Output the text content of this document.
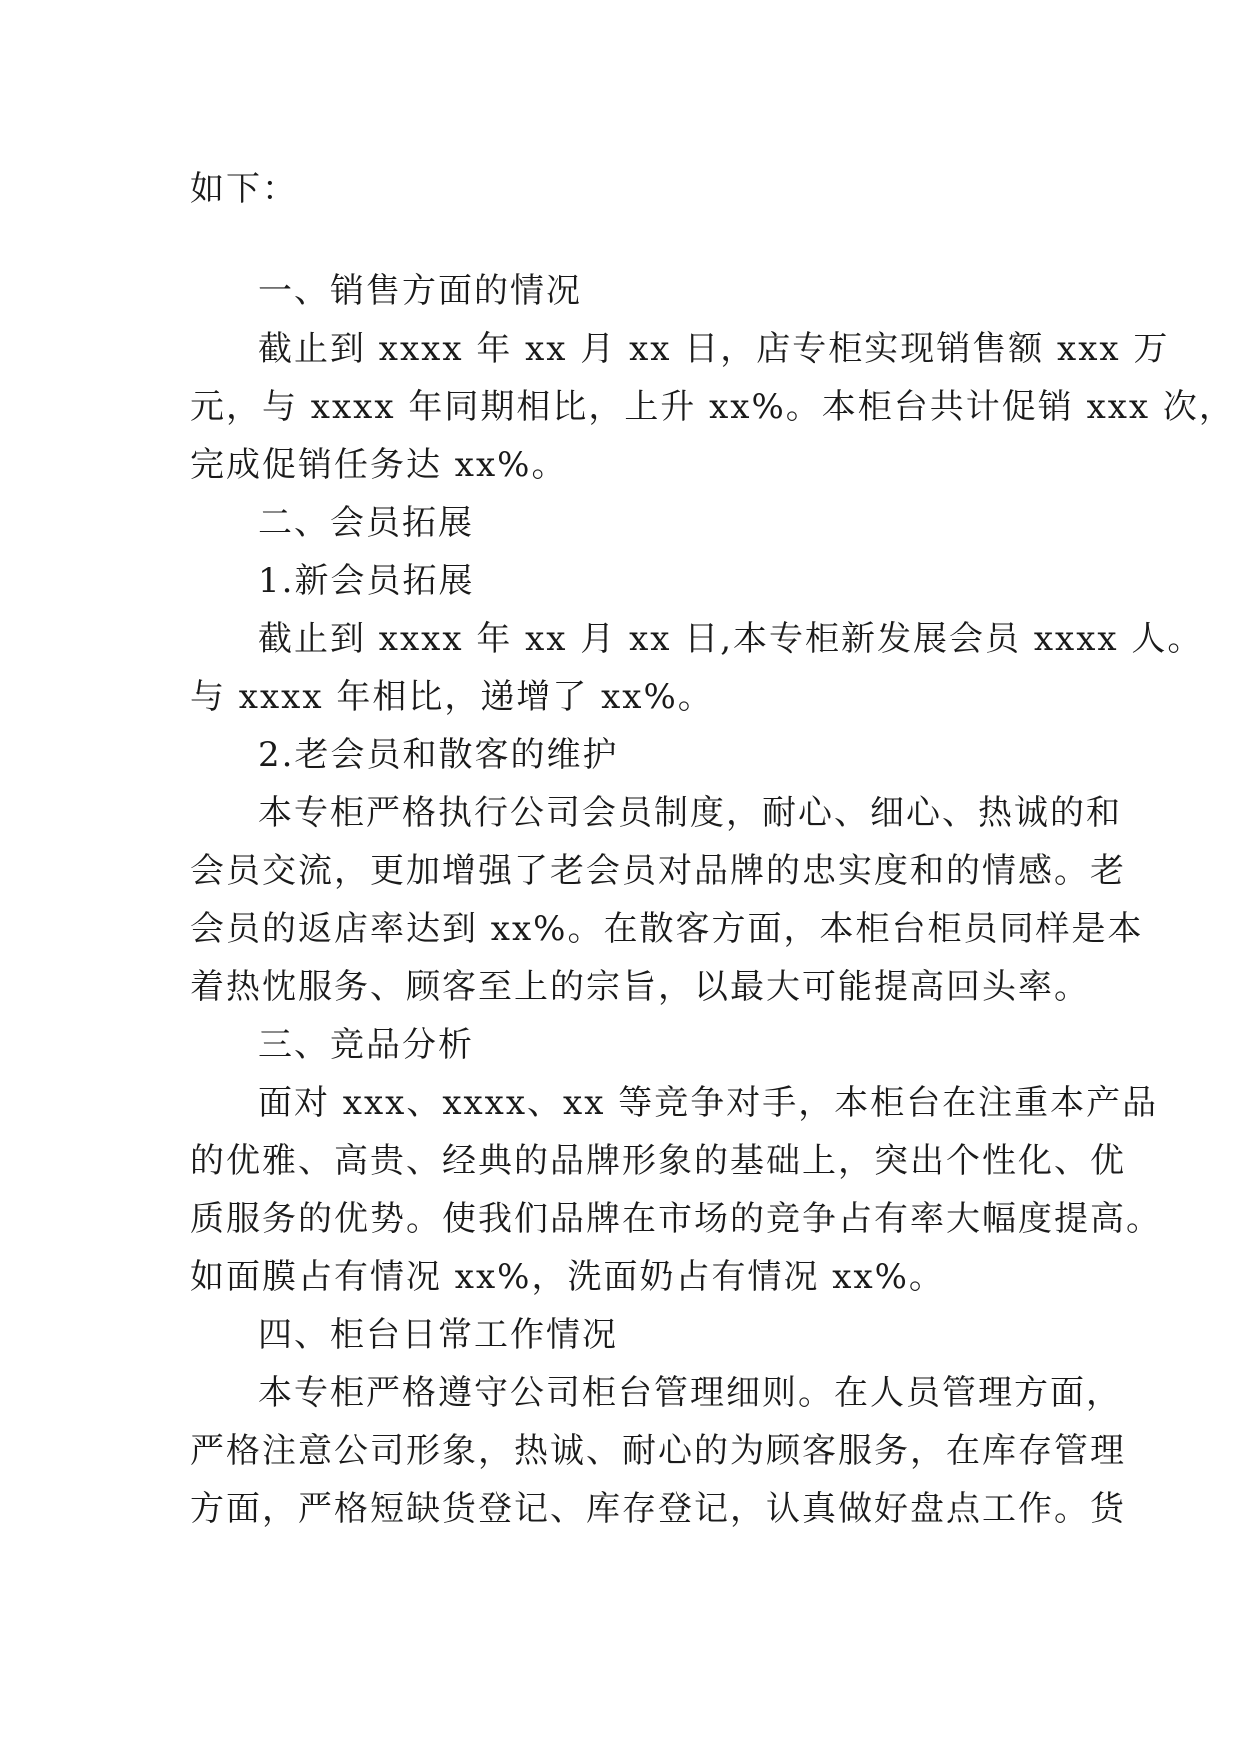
如下：
一、销售方面的情况
截止到 xxxx 年 xx 月 xx 日，店专柜实现销售额 xxx 万
元，与 xxxx 年同期相比，上升 xx%。本柜台共计促销 xxx 次，
完成促销任务达 xx%。
二、会员拓展
1.新会员拓展
截止到 xxxx 年 xx 月 xx 日,本专柜新发展会员 xxxx 人。
与 xxxx 年相比，递增了 xx%。
2.老会员和散客的维护
本专柜严格执行公司会员制度，耐心、细心、热诚的和
会员交流，更加增强了老会员对品牌的忠实度和的情感。老
会员的返店率达到 xx%。在散客方面，本柜台柜员同样是本
着热忱服务、顾客至上的宗旨，以最大可能提高回头率。
三、竞品分析
面对 xxx、xxxx、xx 等竞争对手，本柜台在注重本产品
的优雅、高贵、经典的品牌形象的基础上，突出个性化、优
质服务的优势。使我们品牌在市场的竞争占有率大幅度提高。
如面膜占有情况 xx%，洗面奶占有情况 xx%。
四、柜台日常工作情况
本专柜严格遵守公司柜台管理细则。在人员管理方面，
严格注意公司形象，热诚、耐心的为顾客服务，在库存管理
方面，严格短缺货登记、库存登记，认真做好盘点工作。货
